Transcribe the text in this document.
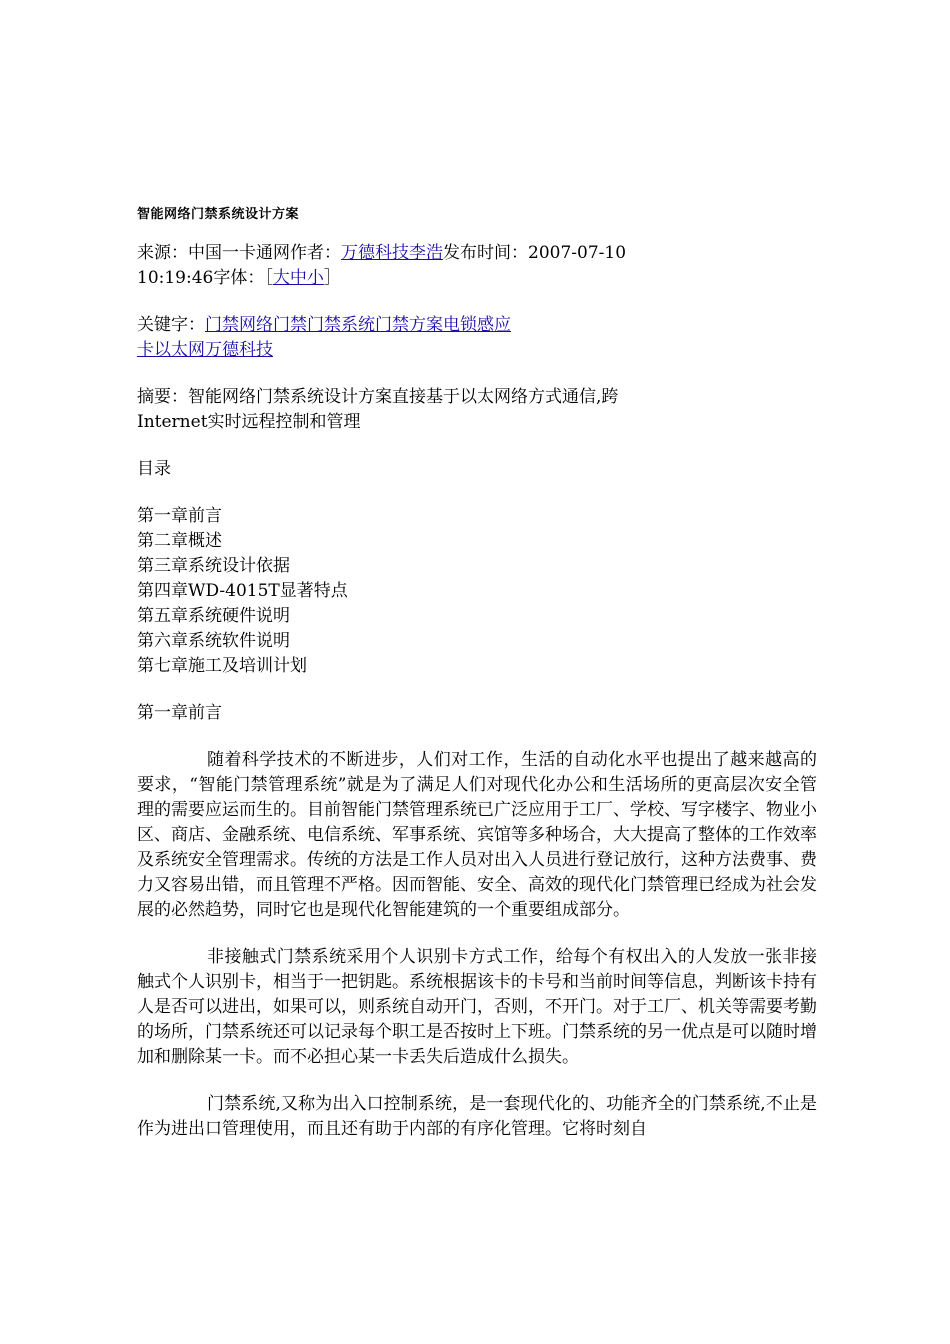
智能网络门禁系统设计方案

来源：中国一卡通网作者：万德科技李浩发布时间：2007-07-10
10:19:46字体：［大中小］

关键字：门禁网络门禁门禁系统门禁方案电锁感应
卡以太网万德科技

摘要：智能网络门禁系统设计方案直接基于以太网络方式通信,跨
Internet实时远程控制和管理

目录

第一章前言
第二章概述
第三章系统设计依据
第四章WD-4015T显著特点
第五章系统硬件说明
第六章系统软件说明
第七章施工及培训计划

第一章前言

随着科学技术的不断进步，人们对工作，生活的自动化水平也提出了越来越高的要求，“智能门禁管理系统”就是为了满足人们对现代化办公和生活场所的更高层次安全管理的需要应运而生的。目前智能门禁管理系统已广泛应用于工厂、学校、写字楼字、物业小区、商店、金融系统、电信系统、军事系统、宾馆等多种场合，大大提高了整体的工作效率及系统安全管理需求。传统的方法是工作人员对出入人员进行登记放行，这种方法费事、费力又容易出错，而且管理不严格。因而智能、安全、高效的现代化门禁管理已经成为社会发展的必然趋势，同时它也是现代化智能建筑的一个重要组成部分。

非接触式门禁系统采用个人识别卡方式工作，给每个有权出入的人发放一张非接触式个人识别卡，相当于一把钥匙。系统根据该卡的卡号和当前时间等信息，判断该卡持有人是否可以进出，如果可以，则系统自动开门，否则，不开门。对于工厂、机关等需要考勤的场所，门禁系统还可以记录每个职工是否按时上下班。门禁系统的另一优点是可以随时增加和删除某一卡。而不必担心某一卡丢失后造成什么损失。

门禁系统,又称为出入口控制系统，是一套现代化的、功能齐全的门禁系统,不止是作为进出口管理使用，而且还有助于内部的有序化管理。它将时刻自
